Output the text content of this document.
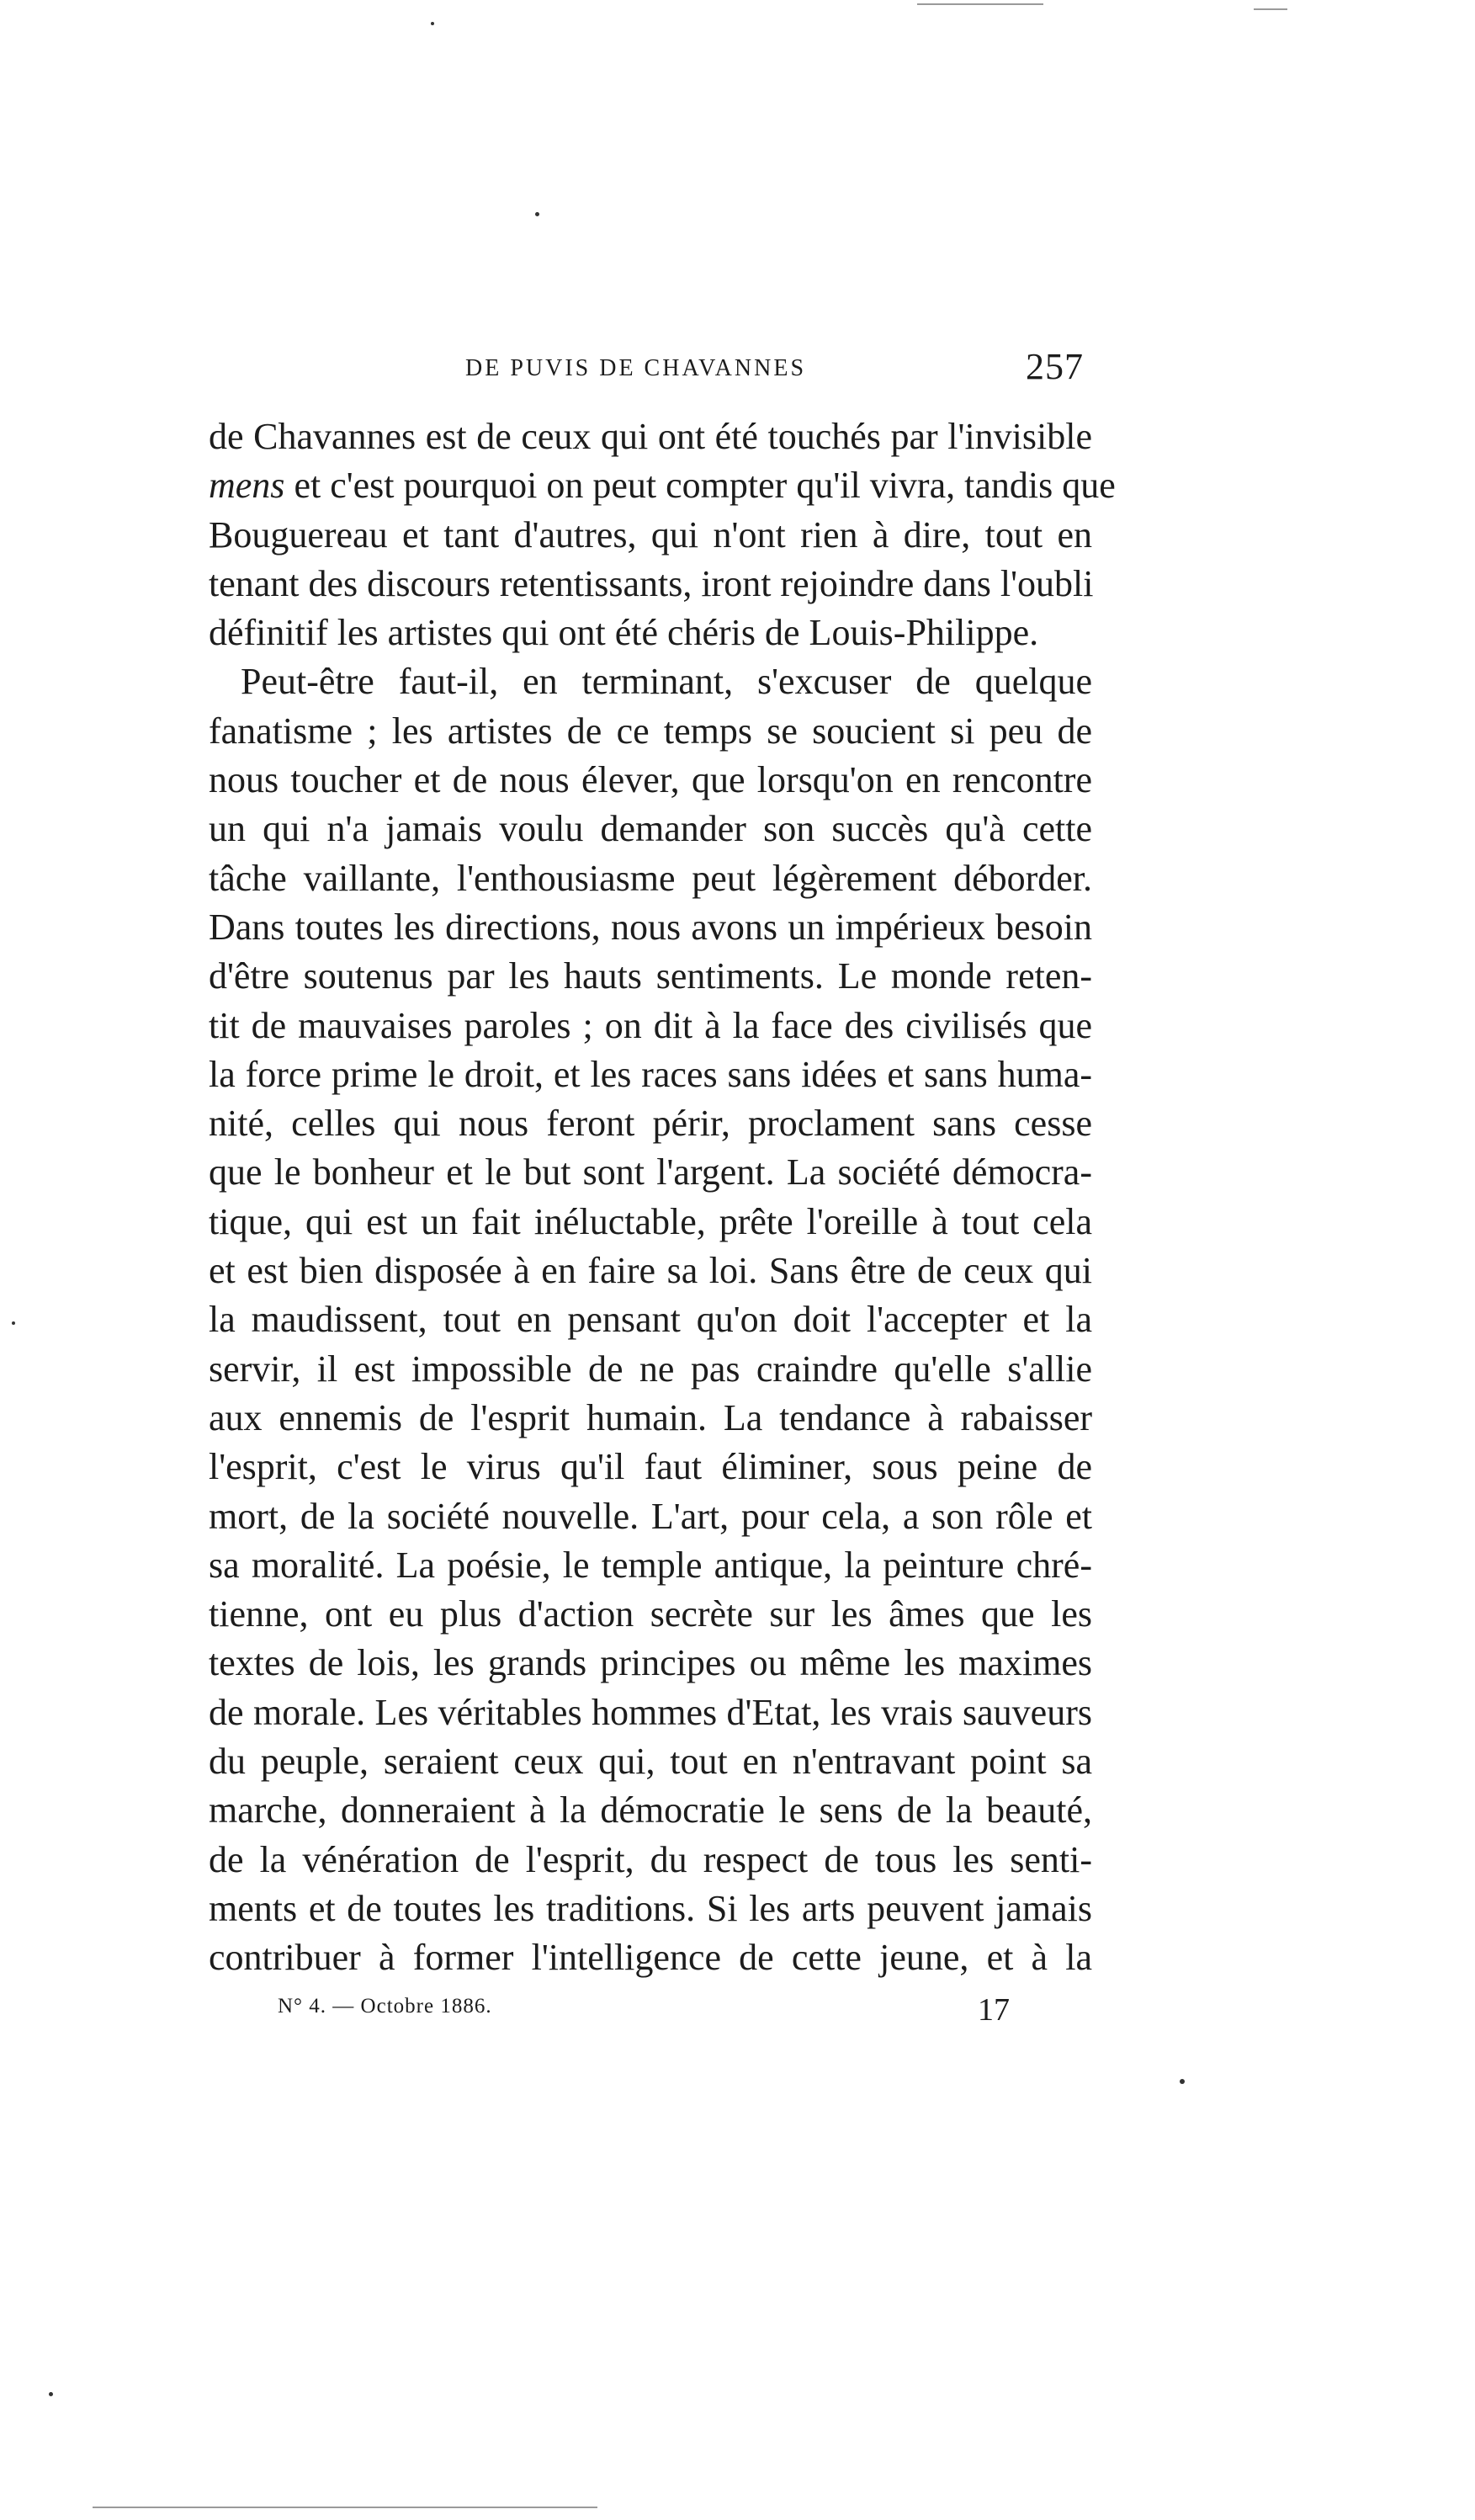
DE PUVIS DE CHAVANNES	257
de Chavannes est de ceux qui ont été touchés par l'invisible
mens et c'est pourquoi on peut compter qu'il vivra, tandis que
Bouguereau et tant d'autres, qui n'ont rien à dire, tout en
tenant des discours retentissants, iront rejoindre dans l'oubli
définitif les artistes qui ont été chéris de Louis-Philippe.
Peut-être faut-il, en terminant, s'excuser de quelque
fanatisme ; les artistes de ce temps se soucient si peu de
nous toucher et de nous élever, que lorsqu'on en rencontre
un qui n'a jamais voulu demander son succès qu'à cette
tâche vaillante, l'enthousiasme peut légèrement déborder.
Dans toutes les directions, nous avons un impérieux besoin
d'être soutenus par les hauts sentiments. Le monde reten-
tit de mauvaises paroles ; on dit à la face des civilisés que
la force prime le droit, et les races sans idées et sans huma-
nité, celles qui nous feront périr, proclament sans cesse
que le bonheur et le but sont l'argent. La société démocra-
tique, qui est un fait inéluctable, prête l'oreille à tout cela
et est bien disposée à en faire sa loi. Sans être de ceux qui
la maudissent, tout en pensant qu'on doit l'accepter et la
servir, il est impossible de ne pas craindre qu'elle s'allie
aux ennemis de l'esprit humain. La tendance à rabaisser
l'esprit, c'est le virus qu'il faut éliminer, sous peine de
mort, de la société nouvelle. L'art, pour cela, a son rôle et
sa moralité. La poésie, le temple antique, la peinture chré-
tienne, ont eu plus d'action secrète sur les âmes que les
textes de lois, les grands principes ou même les maximes
de morale. Les véritables hommes d'Etat, les vrais sauveurs
du peuple, seraient ceux qui, tout en n'entravant point sa
marche, donneraient à la démocratie le sens de la beauté,
de la vénération de l'esprit, du respect de tous les senti-
ments et de toutes les traditions. Si les arts peuvent jamais
contribuer à former l'intelligence de cette jeune, et à la
N° 4. — Octobre 1886.	17
